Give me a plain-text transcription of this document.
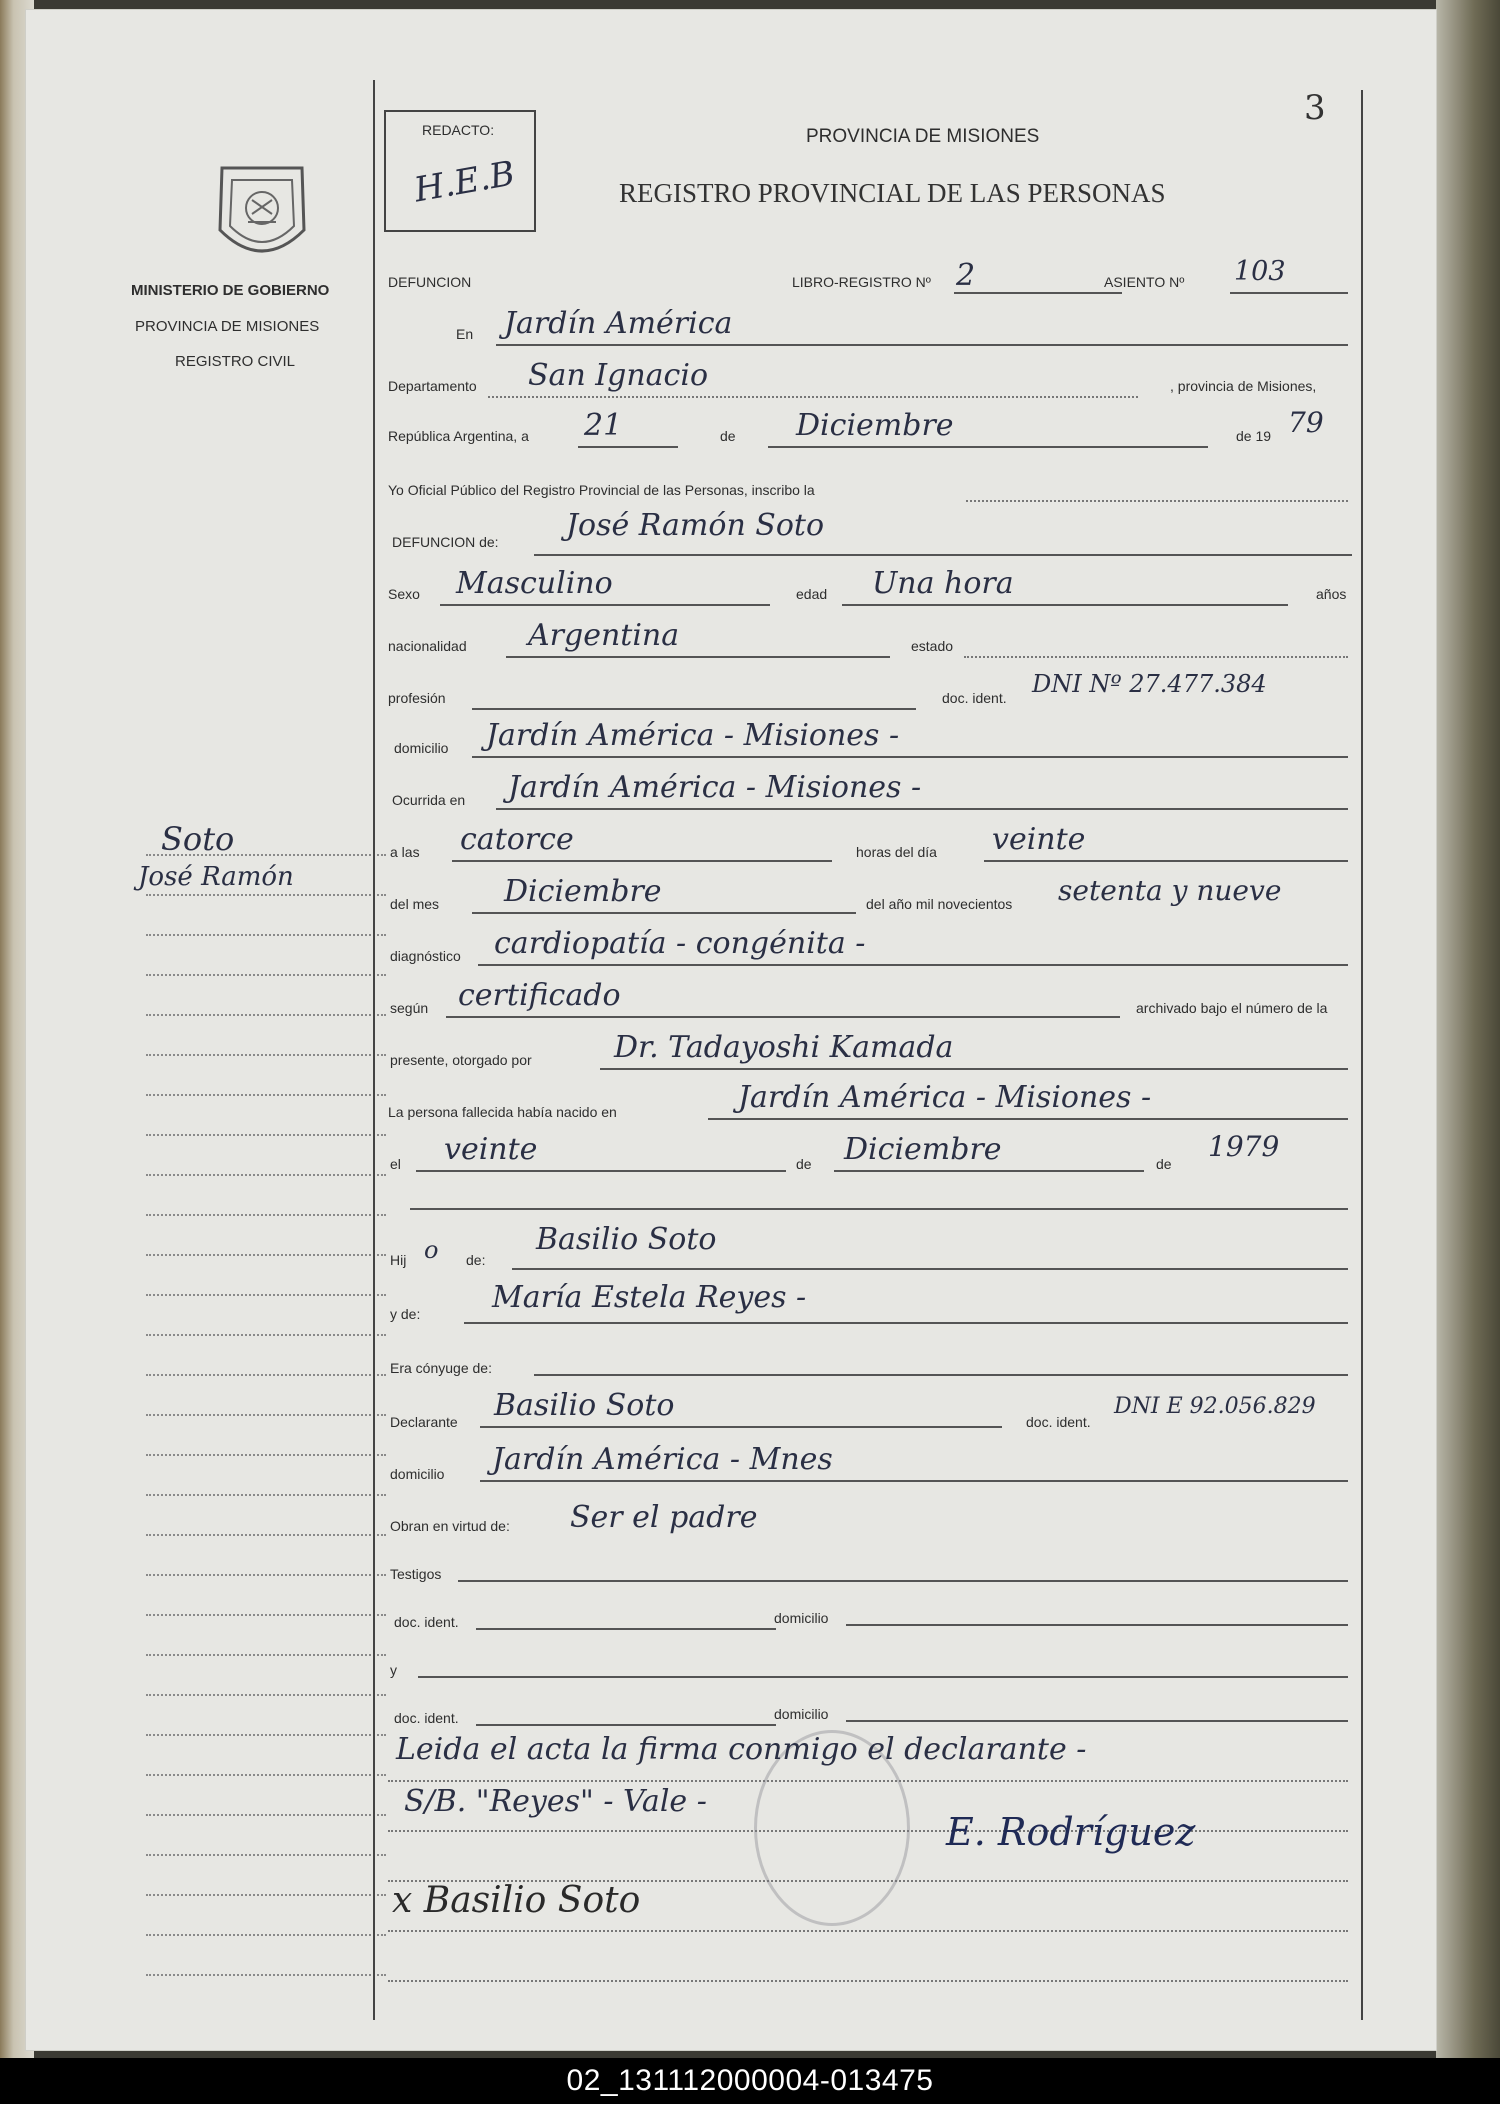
MINISTERIO DE GOBIERNO
PROVINCIA DE MISIONES
REGISTRO CIVIL
Soto
José Ramón
REDACTO:
H.E.B
3
PROVINCIA DE MISIONES
REGISTRO PROVINCIAL DE LAS PERSONAS
DEFUNCION	LIBRO-REGISTRO Nº 2	ASIENTO Nº 103
En Jardín América
Departamento San Ignacio	, provincia de Misiones,
República Argentina, a 21	de Diciembre	de 19 79
Yo Oficial Público del Registro Provincial de las Personas, inscribo la
DEFUNCION de: José Ramón Soto
Sexo Masculino	edad Una hora	años
nacionalidad Argentina	estado
profesión	doc. ident. DNI Nº 27.477.384
domicilio Jardín América - Misiones -
Ocurrida en Jardín América - Misiones -
a las catorce	horas del día veinte
del mes Diciembre	del año mil novecientos setenta y nueve
diagnóstico cardiopatía - congénita -
según certificado	archivado bajo el número de la
presente, otorgado por	Dr. Tadayoshi Kamada
La persona fallecida había nacido en	Jardín América - Misiones -
el veinte	de Diciembre	de
1979
Hij o de:
Basilio Soto
y de: María Estela Reyes -
Era cónyuge de:
Declarante Basilio Soto	doc. ident.
DNI E 92.056.829
domicilio Jardín América - Mnes
Obran en virtud de: Ser el padre
Testigos
doc. ident.	domicilio
y
doc. ident.	domicilio
Leida el acta la firma conmigo el declarante -
S/B. "Reyes" - Vale -
x Basilio Soto
E. Rodríguez
02_131112000004-013475
